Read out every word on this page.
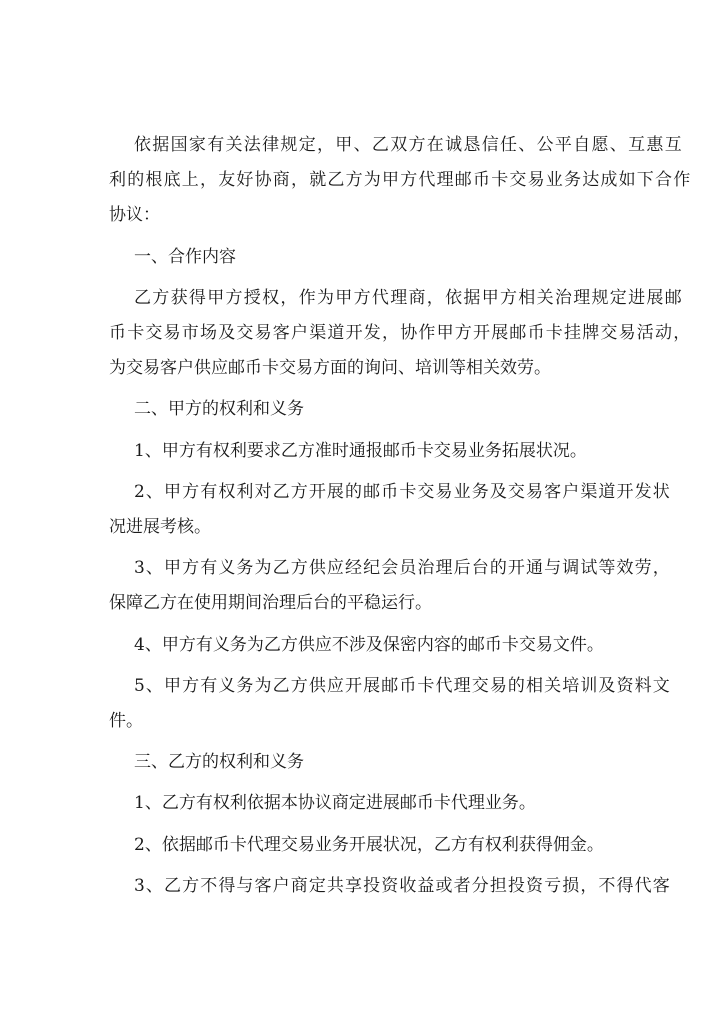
依据国家有关法律规定，甲、乙双方在诚恳信任、公平自愿、互惠互
利的根底上，友好协商，就乙方为甲方代理邮币卡交易业务达成如下合作
协议：
一、合作内容
乙方获得甲方授权，作为甲方代理商，依据甲方相关治理规定进展邮
币卡交易市场及交易客户渠道开发，协作甲方开展邮币卡挂牌交易活动，
为交易客户供应邮币卡交易方面的询问、培训等相关效劳。
二、甲方的权利和义务
1、甲方有权利要求乙方准时通报邮币卡交易业务拓展状况。
2、甲方有权利对乙方开展的邮币卡交易业务及交易客户渠道开发状
况进展考核。
3、甲方有义务为乙方供应经纪会员治理后台的开通与调试等效劳，
保障乙方在使用期间治理后台的平稳运行。
4、甲方有义务为乙方供应不涉及保密内容的邮币卡交易文件。
5、甲方有义务为乙方供应开展邮币卡代理交易的相关培训及资料文
件。
三、乙方的权利和义务
1、乙方有权利依据本协议商定进展邮币卡代理业务。
2、依据邮币卡代理交易业务开展状况，乙方有权利获得佣金。
3、乙方不得与客户商定共享投资收益或者分担投资亏损，不得代客
